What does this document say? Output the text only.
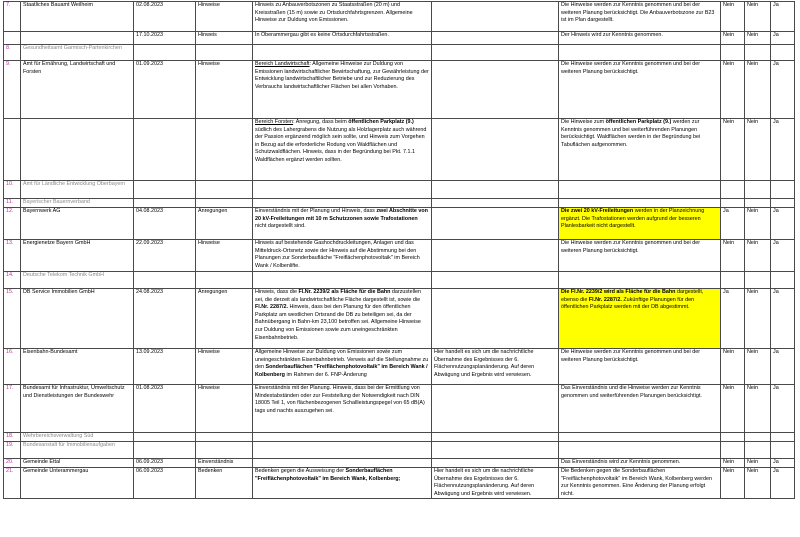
7.	Staatliches Bauamt Weilheim	02.08.2023	Hinweise	Hinweis zu Anbauverbotszonen zu Staatsstraßen (20 m) und Kreisstraßen (15 m) sowie zu Ortsdurchfahrtsgrenzen. Allgemeine Hinweise zur Duldung von Emissionen.		Die Hinweise werden zur Kenntnis genommen und bei der weiteren Planung berücksichtigt. Die Anbauverbotszone zur B23 ist im Plan dargestellt.	Nein	Nein	Ja
		17.10.2023	Hinweis	In Oberammergau gibt es keine Ortsdurchfahrtsstraßen.		Der Hinweis wird zur Kenntnis genommen.	Nein	Nein	Ja
8.	Gesundheitsamt Garmisch-Partenkirchen								
9.	Amt für Ernährung, Landwirtschaft und Forsten	01.09.2023	Hinweise	Bereich Landwirtschaft: Allgemeine Hinweise zur Duldung von Emissionen landwirtschaftlicher Bewirtschaftung, zur Gewährleistung der Entwicklung landwirtschaftlicher Betriebe und zur Reduzierung des Verbrauchs landwirtschaftlicher Flächen bei allen Vorhaben.		Die Hinweise werden zur Kenntnis genommen und bei der weiteren Planung berücksichtigt.	Nein	Nein	Ja
				Bereich Forsten: Anregung, dass beim öffentlichen Parkplatz (9.) südlich des Lahergrabens die Nutzung als Holzlagerplatz auch während der Passion ergänzend möglich sein sollte, und Hinweis zum Vorgehen in Bezug auf die erforderliche Rodung von Waldflächen und Schutzwaldflächen. Hinweis, dass in der Begründung bei Pkt. 7.1.1 Waldflächen ergänzt werden sollten.		Die Hinweise zum öffentlichen Parkplatz (9.) werden zur Kenntnis genommen und bei weiterführenden Planungen berücksichtigt. Waldflächen werden in der Begründung bei Tabuflächen aufgenommen.	Nein	Nein	Ja
10.	Amt für Ländliche Entwicklung Oberbayern								
11.	Bayerischer Bauernverband								
12.	Bayernwerk AG	04.08.2023	Anregungen	Einverständnis mit der Planung und Hinweis, dass zwei Abschnitte von 20 kV-Freileitungen mit 10 m Schutzzonen sowie Trafostationen nicht dargestellt sind.		Die zwei 20 kV-Freileitungen werden in der Planzeichnung ergänzt. Die Trafostationen werden aufgrund der besseren Planlesbarkeit nicht dargestellt.	Ja	Nein	Ja
13.	Energienetze Bayern GmbH	22.09.2023	Hinweise	Hinweis auf bestehende Gashochdruckleitungen, Anlagen und das Mitteldruck-Ortsnetz sowie der Hinweis auf die Abstimmung bei den Planungen zur Sonderbaufläche "Freiflächenphotovoltaik" im Bereich Wank / Kolbenlifte.		Die Hinweise werden zur Kenntnis genommen und bei der weiteren Planung berücksichtigt.	Nein	Nein	Ja
14.	Deutsche Telekom Technik GmbH								
15.	DB Service Immobilien GmbH	24.08.2023	Anregungen	Hinweis, dass die Fl.Nr. 2239/2 als Fläche für die Bahn darzustellen sei, die derzeit als landwirtschaftliche Fläche dargestellt ist, sowie die Fl.Nr. 2287/2. Hinweis, dass bei den Planung für den öffentlichen Parkplatz am westlichen Ortsrand die DB zu beteiligen sei, da der Bahnübergang in Bahn-km 23,100 betroffen sei. Allgemeine Hinweise zur Duldung von Emissionen sowie zum uneingeschränkten Eisenbahnbetrieb.		Die Fl.Nr. 2239/2 wird als Fläche für die Bahn dargestellt, ebenso die Fl.Nr. 2287/2. Zukünftige Planungen für den öffentlichen Parkplatz werden mit der DB abgestimmt.	Ja	Nein	Ja
16.	Eisenbahn-Bundesamt	13.09.2023	Hinweise	Allgemeine Hinweise zur Duldung von Emissionen sowie zum uneingeschränkten Eisenbahnbetrieb. Verweis auf die Stellungnahme zu den Sonderbauflächen "Freiflächenphotovoltaik" im Bereich Wank / Kolbenberg im Rahmen der 6. FNP-Änderung	Hier handelt es sich um die nachrichtliche Übernahme des Ergebnisses der 6. Flächennutzungsplanänderung. Auf deren Abwägung und Ergebnis wird verwiesen.	Die Hinweise werden zur Kenntnis genommen und bei der weiteren Planung berücksichtigt.	Nein	Nein	Ja
17.	Bundesamt für Infrastruktur, Umweltschutz und Dienstleistungen der Bundeswehr	01.08.2023	Hinweise	Einverständnis mit der Planung. Hinweis, dass bei der Ermittlung von Mindestabständen oder zur Feststellung der Notwendigkeit nach DIN 18005 Teil 1, von flächenbezogenen Schallleistungspegel von 65 dB(A) tags und nachts auszugehen sei.		Das Einverständnis und die Hinweise werden zur Kenntnis genommen und weiterführenden Planungen berücksichtigt.	Nein	Nein	Ja
18.	Wehrbereichsverwaltung Süd								
19.	Bundesanstalt für Immobilienaufgaben								
20.	Gemeinde Ettal	06.09.2023	Einverständnis			Das Einverständnis wird zur Kenntnis genommen.	Nein	Nein	Ja
21.	Gemeinde Unterammergau	06.09.2023	Bedenken	Bedenken gegen die Ausweisung der Sonderbauflächen "Freiflächenphotovoltaik" im Bereich Wank, Kolbenberg;	Hier handelt es sich um die nachrichtliche Übernahme des Ergebnisses der 6. Flächennutzungsplanänderung. Auf deren Abwägung und Ergebnis wird verwiesen.	Die Bedenken gegen die Sonderbauflächen "Freiflächenphotovoltaik" im Bereich Wank, Kolbenberg werden zur Kenntnis genommen. Eine Änderung der Planung erfolgt nicht.	Nein	Nein	Ja
